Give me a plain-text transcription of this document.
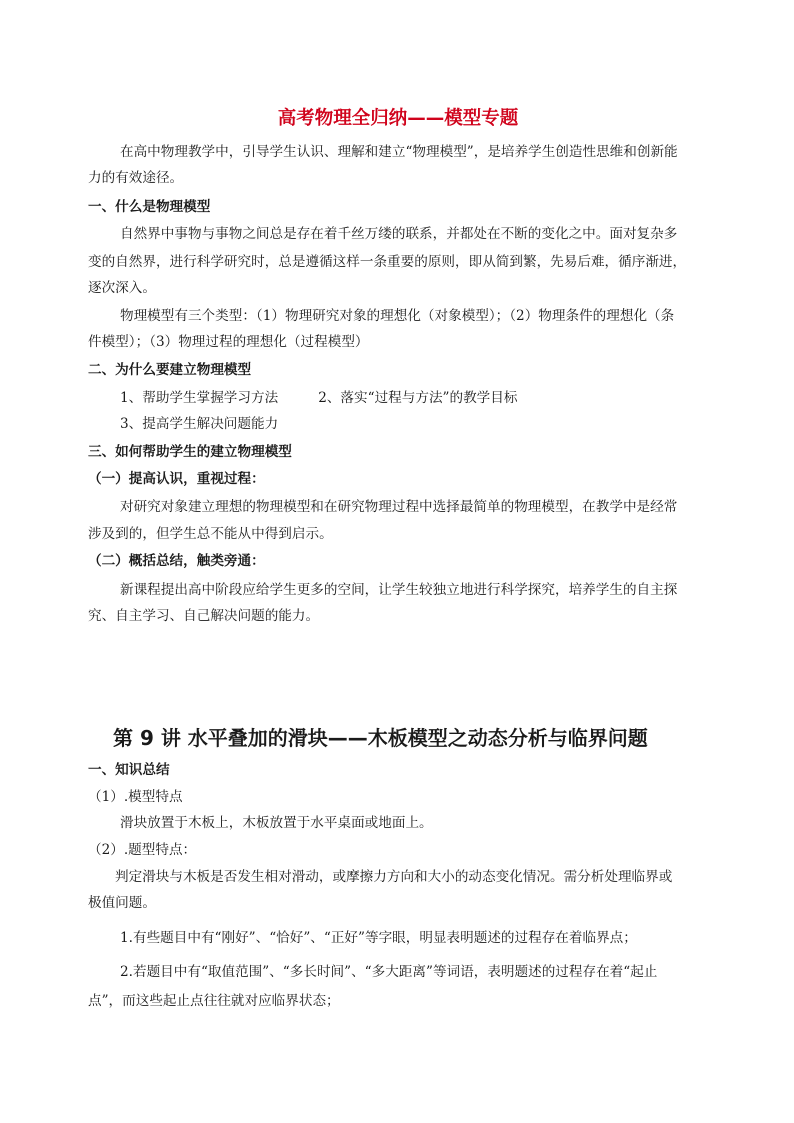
高考物理全归纳——模型专题
在高中物理教学中，引导学生认识、理解和建立“物理模型”，是培养学生创造性思维和创新能
力的有效途径。
一、什么是物理模型
自然界中事物与事物之间总是存在着千丝万缕的联系，并都处在不断的变化之中。面对复杂多
变的自然界，进行科学研究时，总是遵循这样一条重要的原则，即从简到繁，先易后难，循序渐进，
逐次深入。
物理模型有三个类型：（1）物理研究对象的理想化（对象模型）；（2）物理条件的理想化（条
件模型）；（3）物理过程的理想化（过程模型）
二、为什么要建立物理模型
1、帮助学生掌握学习方法	2、落实“过程与方法”的教学目标
3、提高学生解决问题能力
三、如何帮助学生的建立物理模型
（一）提高认识，重视过程：
对研究对象建立理想的物理模型和在研究物理过程中选择最简单的物理模型，在教学中是经常
涉及到的，但学生总不能从中得到启示。
（二）概括总结，触类旁通：
新课程提出高中阶段应给学生更多的空间，让学生较独立地进行科学探究，培养学生的自主探
究、自主学习、自己解决问题的能力。
第 9 讲 水平叠加的滑块——木板模型之动态分析与临界问题
一、知识总结
（1）.模型特点
滑块放置于木板上，木板放置于水平桌面或地面上。
（2）.题型特点：
判定滑块与木板是否发生相对滑动，或摩擦力方向和大小的动态变化情况。需分析处理临界或
极值问题。
1.有些题目中有“刚好”、“恰好”、“正好”等字眼，明显表明题述的过程存在着临界点；
2.若题目中有“取值范围”、“多长时间”、“多大距离”等词语，表明题述的过程存在着“起止
点”，而这些起止点往往就对应临界状态；
